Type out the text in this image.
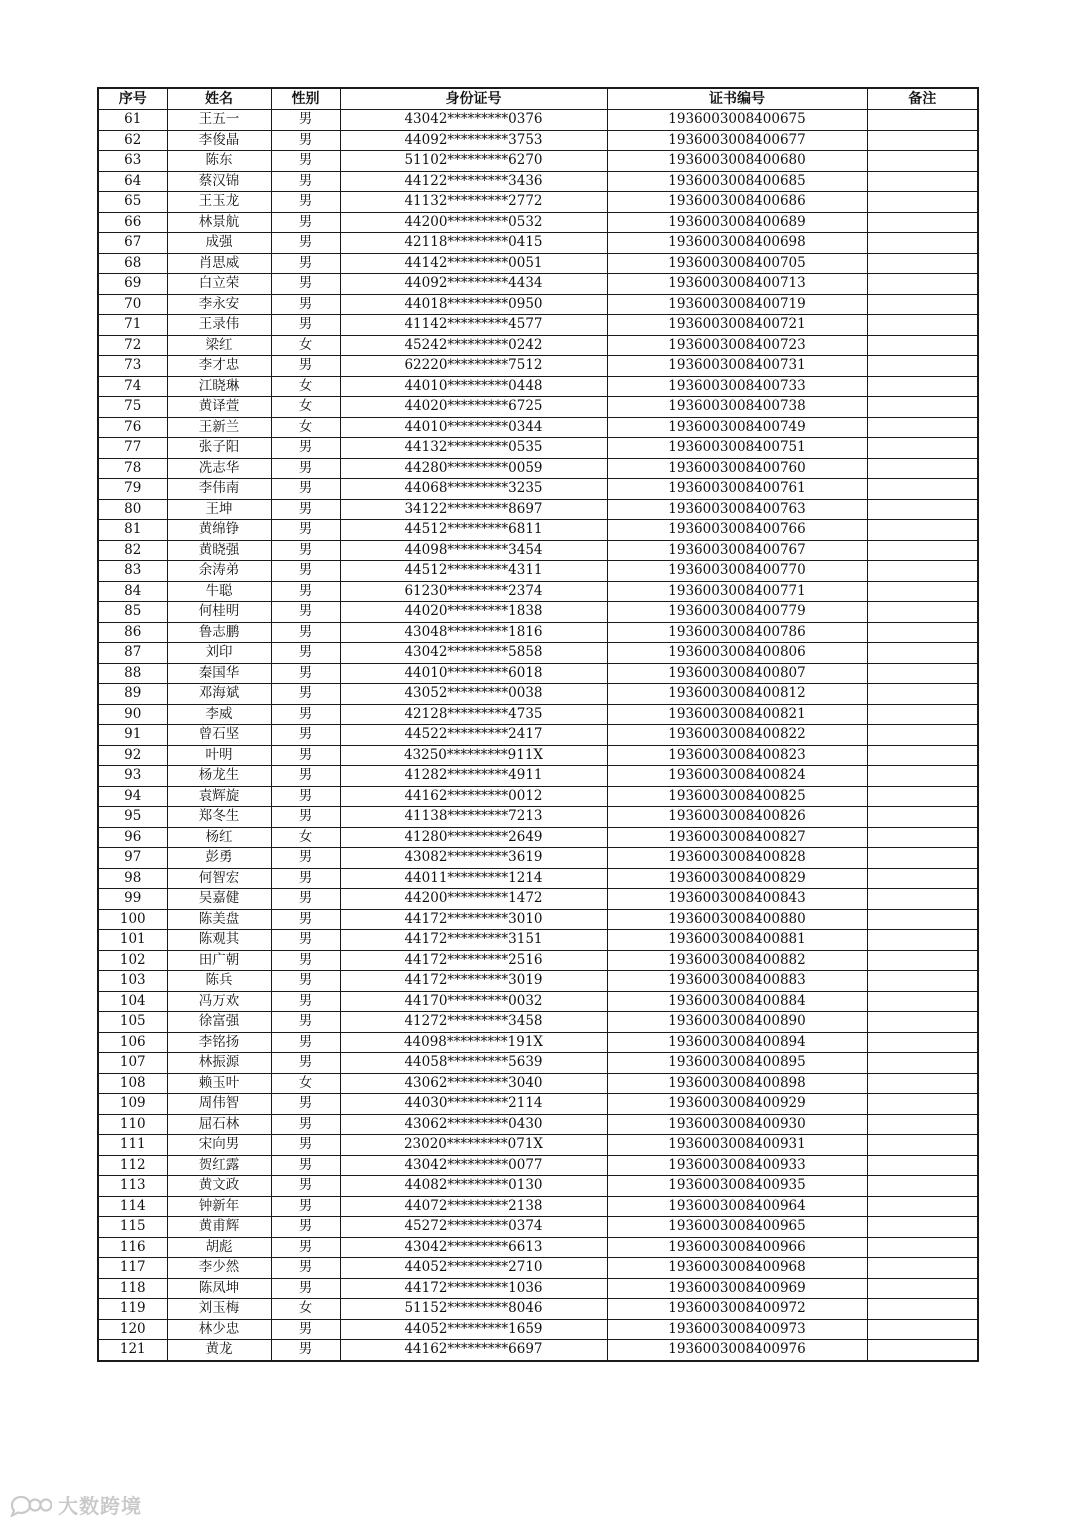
序号	姓名	性别	身份证号	证书编号	备注
61	王五一	男	43042*********0376	1936003008400675	
62	李俊晶	男	44092*********3753	1936003008400677	
63	陈东	男	51102*********6270	1936003008400680	
64	蔡汉锦	男	44122*********3436	1936003008400685	
65	王玉龙	男	41132*********2772	1936003008400686	
66	林景航	男	44200*********0532	1936003008400689	
67	成强	男	42118*********0415	1936003008400698	
68	肖思威	男	44142*********0051	1936003008400705	
69	白立荣	男	44092*********4434	1936003008400713	
70	李永安	男	44018*********0950	1936003008400719	
71	王录伟	男	41142*********4577	1936003008400721	
72	梁红	女	45242*********0242	1936003008400723	
73	李才忠	男	62220*********7512	1936003008400731	
74	江晓琳	女	44010*********0448	1936003008400733	
75	黄译萱	女	44020*********6725	1936003008400738	
76	王新兰	女	44010*********0344	1936003008400749	
77	张子阳	男	44132*********0535	1936003008400751	
78	冼志华	男	44280*********0059	1936003008400760	
79	李伟南	男	44068*********3235	1936003008400761	
80	王坤	男	34122*********8697	1936003008400763	
81	黄绵铮	男	44512*********6811	1936003008400766	
82	黄晓强	男	44098*********3454	1936003008400767	
83	余涛弟	男	44512*********4311	1936003008400770	
84	牛聪	男	61230*********2374	1936003008400771	
85	何桂明	男	44020*********1838	1936003008400779	
86	鲁志鹏	男	43048*********1816	1936003008400786	
87	刘印	男	43042*********5858	1936003008400806	
88	秦国华	男	44010*********6018	1936003008400807	
89	邓海斌	男	43052*********0038	1936003008400812	
90	李威	男	42128*********4735	1936003008400821	
91	曾石坚	男	44522*********2417	1936003008400822	
92	叶明	男	43250*********911X	1936003008400823	
93	杨龙生	男	41282*********4911	1936003008400824	
94	袁辉旋	男	44162*********0012	1936003008400825	
95	郑冬生	男	41138*********7213	1936003008400826	
96	杨红	女	41280*********2649	1936003008400827	
97	彭勇	男	43082*********3619	1936003008400828	
98	何智宏	男	44011*********1214	1936003008400829	
99	吴嘉健	男	44200*********1472	1936003008400843	
100	陈美盘	男	44172*********3010	1936003008400880	
101	陈观其	男	44172*********3151	1936003008400881	
102	田广朝	男	44172*********2516	1936003008400882	
103	陈兵	男	44172*********3019	1936003008400883	
104	冯万欢	男	44170*********0032	1936003008400884	
105	徐富强	男	41272*********3458	1936003008400890	
106	李铭扬	男	44098*********191X	1936003008400894	
107	林振源	男	44058*********5639	1936003008400895	
108	赖玉叶	女	43062*********3040	1936003008400898	
109	周伟智	男	44030*********2114	1936003008400929	
110	屈石林	男	43062*********0430	1936003008400930	
111	宋向男	男	23020*********071X	1936003008400931	
112	贺红露	男	43042*********0077	1936003008400933	
113	黄文政	男	44082*********0130	1936003008400935	
114	钟新年	男	44072*********2138	1936003008400964	
115	黄甫辉	男	45272*********0374	1936003008400965	
116	胡彪	男	43042*********6613	1936003008400966	
117	李少然	男	44052*********2710	1936003008400968	
118	陈凤坤	男	44172*********1036	1936003008400969	
119	刘玉梅	女	51152*********8046	1936003008400972	
120	林少忠	男	44052*********1659	1936003008400973	
121	黄龙	男	44162*********6697	1936003008400976	
大数跨境
